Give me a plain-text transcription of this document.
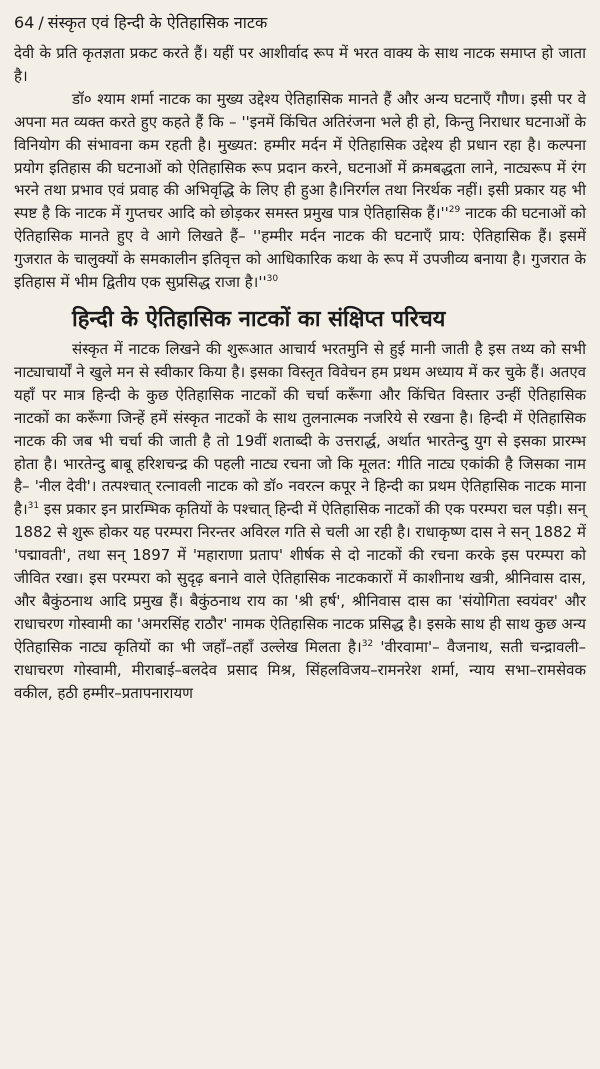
64 / संस्कृत एवं हिन्दी के ऐतिहासिक नाटक

देवी के प्रति कृतज्ञता प्रकट करते हैं। यहीं पर आशीर्वाद रूप में भरत वाक्य के साथ नाटक समाप्त हो जाता है।

डॉ० श्याम शर्मा नाटक का मुख्य उद्देश्य ऐतिहासिक मानते हैं और अन्य घटनाएँ गौण। इसी पर वे अपना मत व्यक्त करते हुए कहते हैं कि – ''इनमें किंचित अतिरंजना भले ही हो, किन्तु निराधार घटनाओं के विनियोग की संभावना कम रहती है। मुख्यत: हम्मीर मर्दन में ऐतिहासिक उद्देश्य ही प्रधान रहा है। कल्पना प्रयोग इतिहास की घटनाओं को ऐतिहासिक रूप प्रदान करने, घटनाओं में क्रमबद्धता लाने, नाट्यरूप में रंग भरने तथा प्रभाव एवं प्रवाह की अभिवृद्धि के लिए ही हुआ है।निरर्गल तथा निरर्थक नहीं। इसी प्रकार यह भी स्पष्ट है कि नाटक में गुप्तचर आदि को छोड़कर समस्त प्रमुख पात्र ऐतिहासिक $हैं।''^{29}$ नाटक की घटनाओं को ऐतिहासिक मानते हुए वे आगे लिखते हैं– ''हम्मीर मर्दन नाटक की घटनाएँ प्राय: ऐतिहासिक हैं। इसमें गुजरात के चालुक्यों के समकालीन इतिवृत्त को आधिकारिक कथा के रूप में उपजीव्य बनाया है। गुजरात के इतिहास में भीम द्वितीय एक सुप्रसिद्ध राजा $है।''^{30}$

हिन्दी के ऐतिहासिक नाटकों का संक्षिप्त परिचय

संस्कृत में नाटक लिखने की शुरूआत आचार्य भरतमुनि से हुई मानी जाती है इस तथ्य को सभी नाट्याचार्यों ने खुले मन से स्वीकार किया है। इसका विस्तृत विवेचन हम प्रथम अध्याय में कर चुके हैं। अतएव यहाँ पर मात्र हिन्दी के कुछ ऐतिहासिक नाटकों की चर्चा करूँगा और किंचित विस्तार उन्हीं ऐतिहासिक नाटकों का करूँगा जिन्हें हमें संस्कृत नाटकों के साथ तुलनात्मक नजरिये से रखना है। हिन्दी में ऐतिहासिक नाटक की जब भी चर्चा की जाती है तो 19वीं शताब्दी के उत्तरार्द्ध, अर्थात भारतेन्दु युग से इसका प्रारम्भ होता है। भारतेन्दु बाबू हरिशचन्द्र की पहली नाट्य रचना जो कि मूलत: गीति नाट्य एकांकी है जिसका नाम है– 'नील देवी'। तत्पश्चात् रत्नावली नाटक को डॉ० नवरत्न कपूर ने हिन्दी का प्रथम ऐतिहासिक नाटक माना है।$^{31}$ इस प्रकार इन प्रारम्भिक कृतियों के पश्चात् हिन्दी में ऐतिहासिक नाटकों की एक परम्परा चल पड़ी। सन् 1882 से शुरू होकर यह परम्परा निरन्तर अविरल गति से चली आ रही है। राधाकृष्ण दास ने सन् 1882 में 'पद्मावती', तथा सन् 1897 में 'महाराणा प्रताप' शीर्षक से दो नाटकों की रचना करके इस परम्परा को जीवित रखा। इस परम्परा को सुदृढ़ बनाने वाले ऐतिहासिक नाटककारों में काशीनाथ खत्री, श्रीनिवास दास, और बैकुंठनाथ आदि प्रमुख हैं। बैकुंठनाथ राय का 'श्री हर्ष', श्रीनिवास दास का 'संयोगिता स्वयंवर' और राधाचरण गोस्वामी का 'अमरसिंह राठौर' नामक ऐतिहासिक नाटक प्रसिद्ध है। इसके साथ ही साथ कुछ अन्य ऐतिहासिक नाट्य कृतियों का भी जहाँ–तहाँ उल्लेख मिलता है।$^{32}$ 'वीरवामा'– वैजनाथ, सती चन्द्रावली–राधाचरण गोस्वामी, मीराबाई–बलदेव प्रसाद मिश्र, सिंहलविजय–रामनरेश शर्मा, न्याय सभा–रामसेवक वकील, हठी हम्मीर–प्रतापनारायण
